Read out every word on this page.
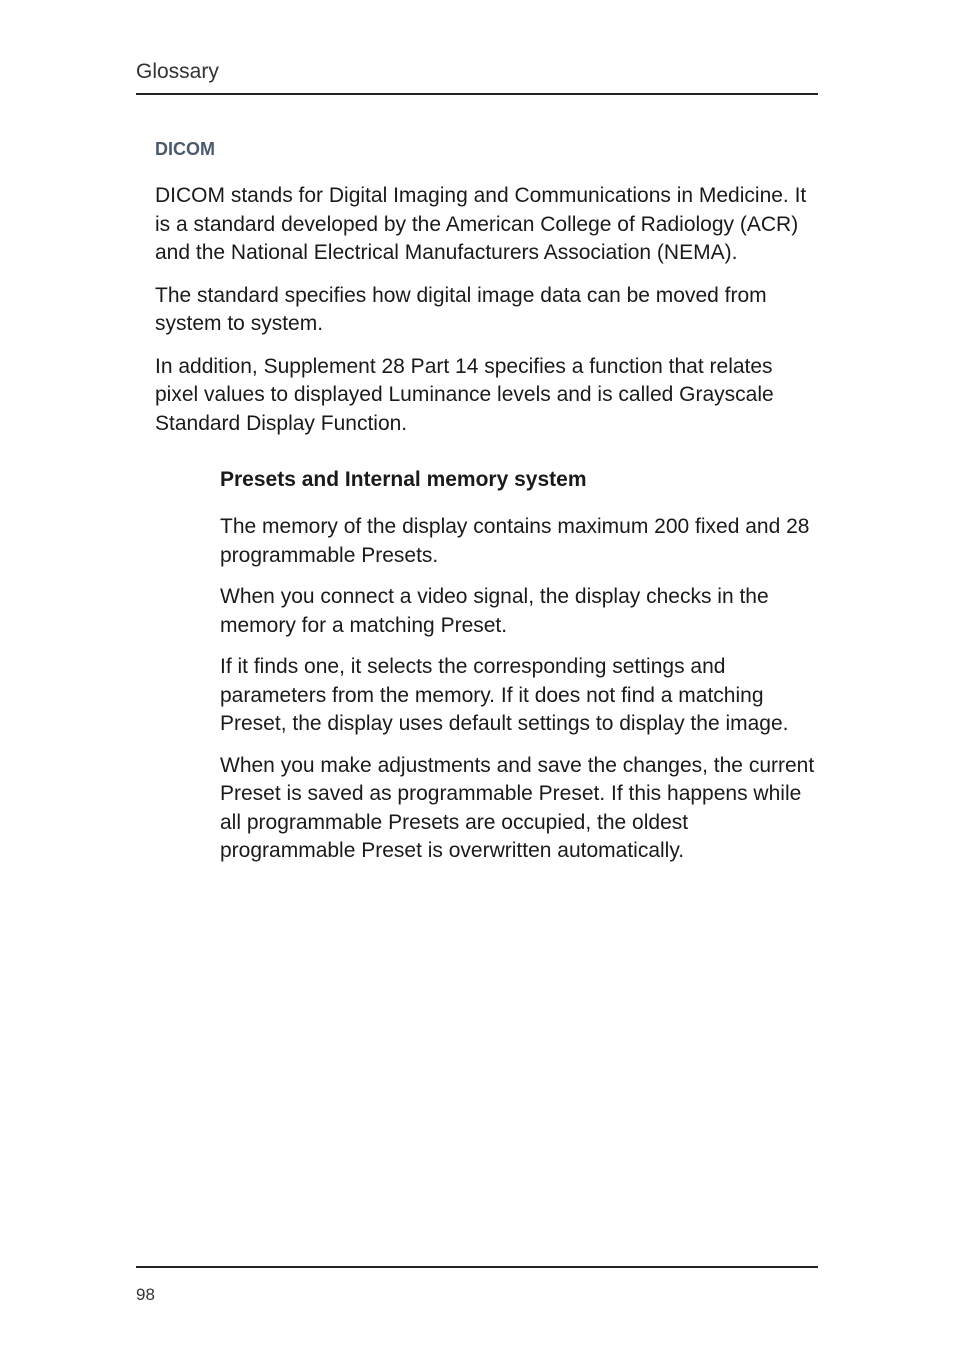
Glossary
DICOM

DICOM stands for Digital Imaging and Communications in Medicine. It is a standard developed by the American College of Radiology (ACR) and the National Electrical Manufacturers Association (NEMA).

The standard specifies how digital image data can be moved from system to system.

In addition, Supplement 28 Part 14 specifies a function that relates pixel values to displayed Luminance levels and is called Grayscale Standard Display Function.

Presets and Internal memory system

The memory of the display contains maximum 200 fixed and 28 programmable Presets.

When you connect a video signal, the display checks in the memory for a matching Preset.

If it finds one, it selects the corresponding settings and parameters from the memory. If it does not find a matching Preset, the display uses default settings to display the image.

When you make adjustments and save the changes, the current Preset is saved as programmable Preset. If this happens while all programmable Presets are occupied, the oldest programmable Preset is overwritten automatically.

98
